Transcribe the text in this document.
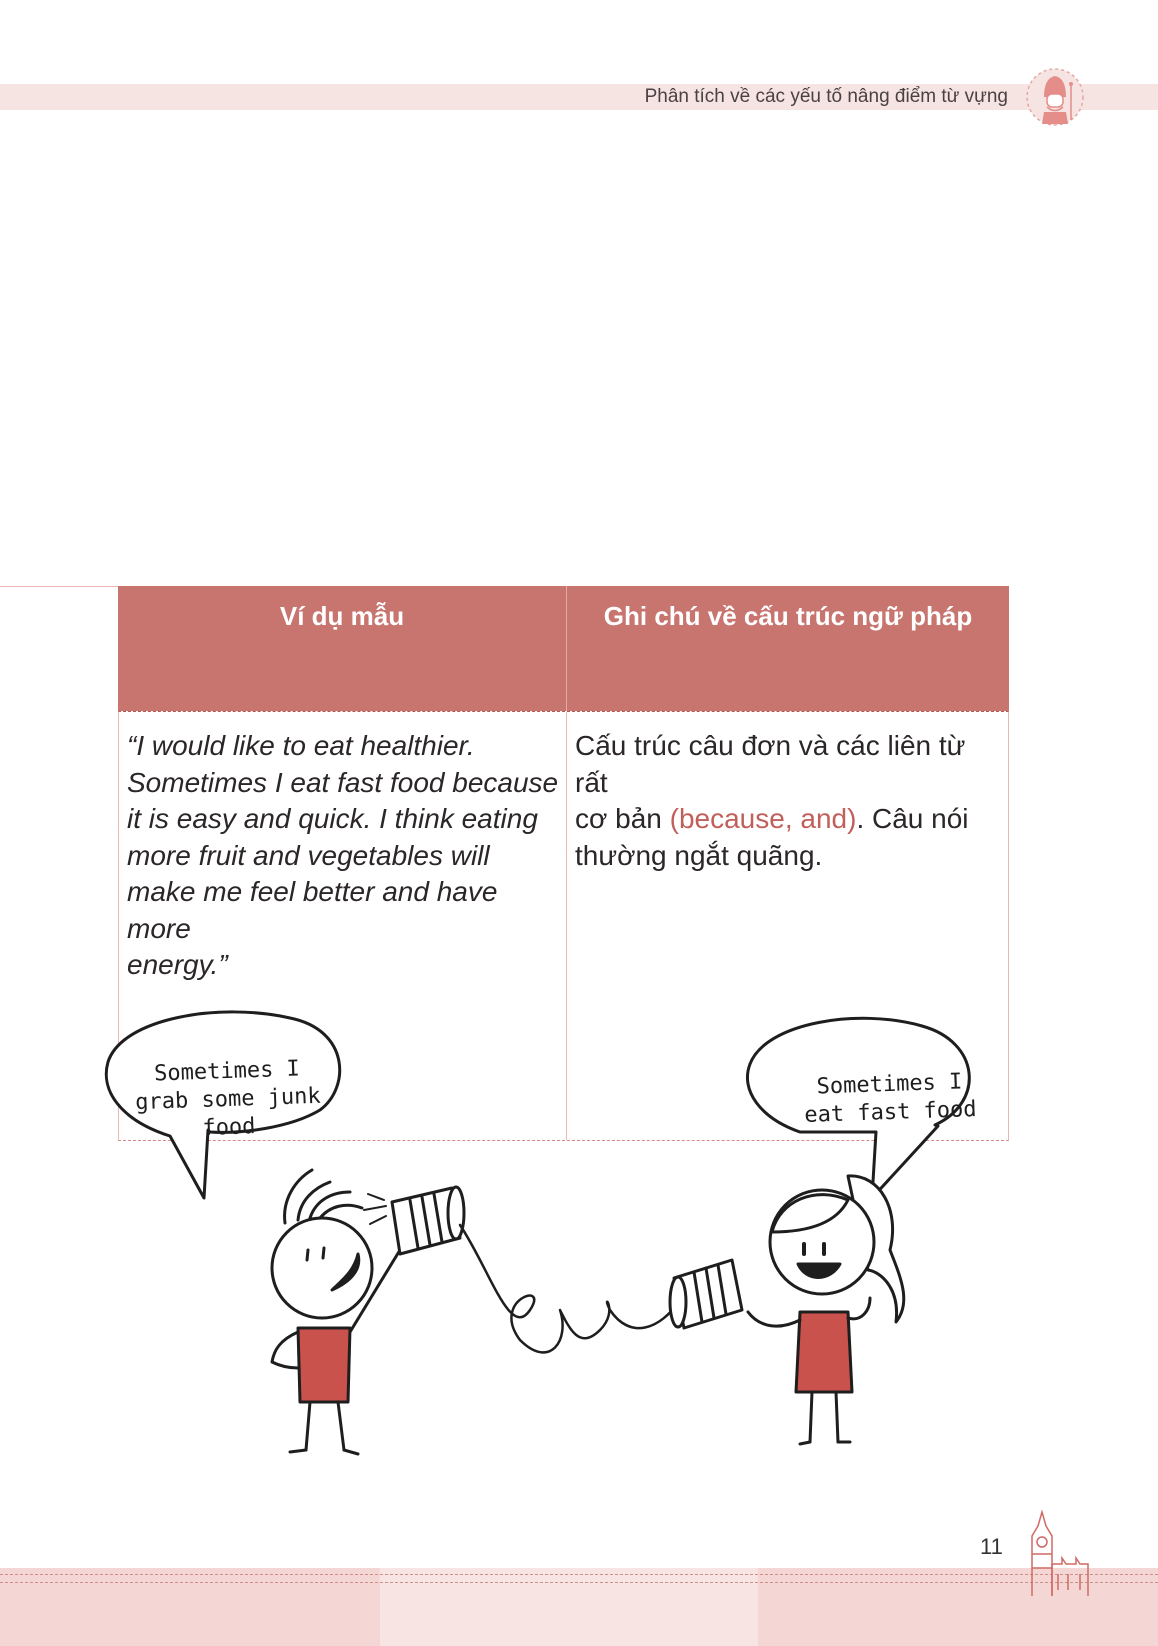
Phân tích về các yếu tố nâng điểm từ vựng
Ví dụ mẫu	Ghi chú về cấu trúc ngữ pháp
“I would like to eat healthier.
Sometimes I eat fast food because
it is easy and quick. I think eating
more fruit and vegetables will
make me feel better and have more
energy.”
Cấu trúc câu đơn và các liên từ rất
cơ bản (because, and). Câu nói
thường ngắt quãng.
Sometimes I
grab some junk
food
Sometimes I
eat fast food
11
